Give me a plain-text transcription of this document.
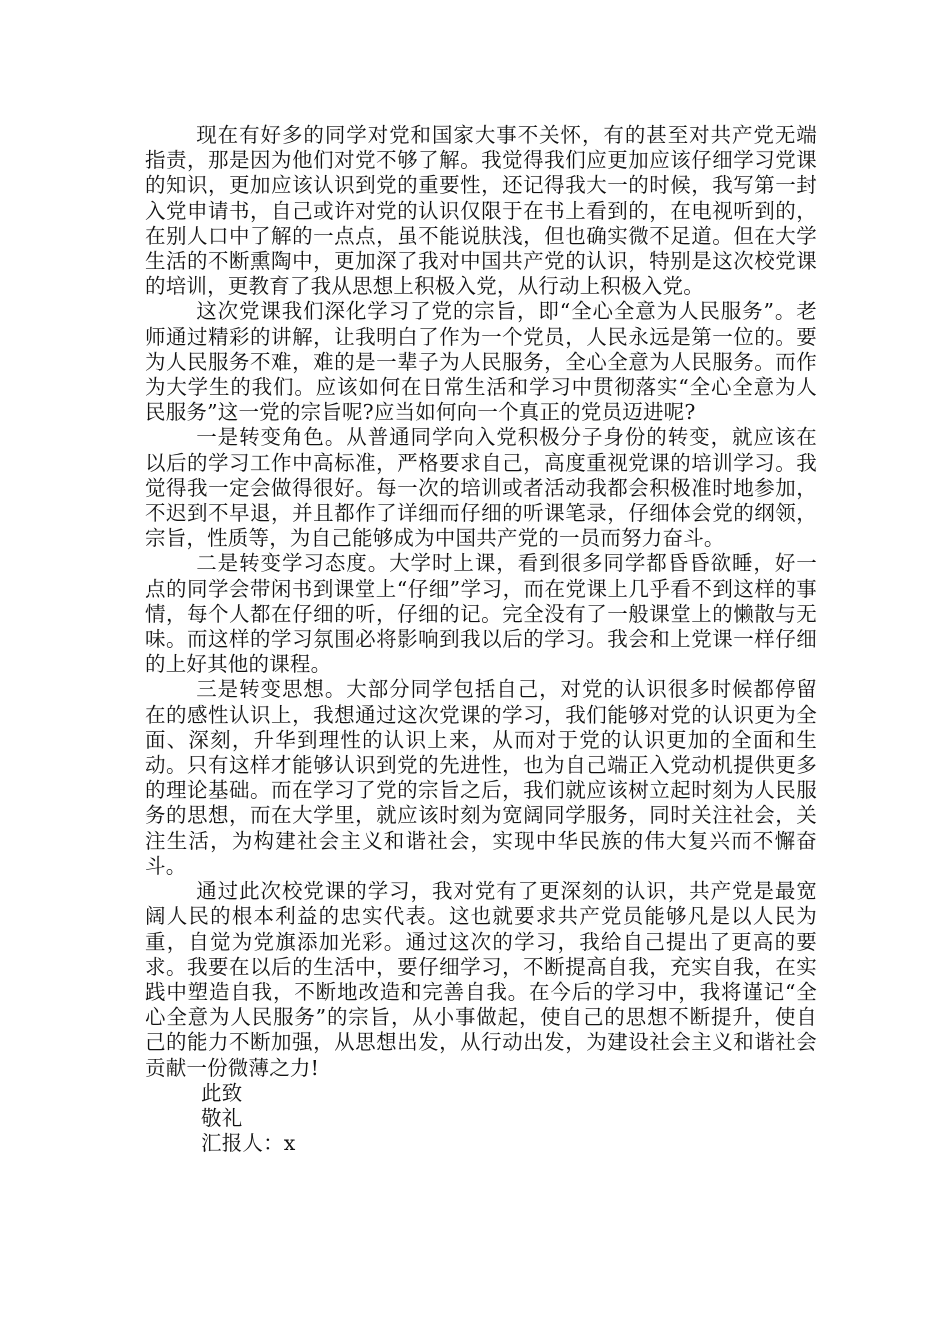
现在有好多的同学对党和国家大事不关怀，有的甚至对共产党无端指责，那是因为他们对党不够了解。我觉得我们应更加应该仔细学习党课的知识，更加应该认识到党的重要性，还记得我大一的时候，我写第一封入党申请书，自己或许对党的认识仅限于在书上看到的，在电视听到的，在别人口中了解的一点点，虽不能说肤浅，但也确实微不足道。但在大学生活的不断熏陶中，更加深了我对中国共产党的认识，特别是这次校党课的培训，更教育了我从思想上积极入党，从行动上积极入党。

这次党课我们深化学习了党的宗旨，即“全心全意为人民服务”。老师通过精彩的讲解，让我明白了作为一个党员，人民永远是第一位的。要为人民服务不难，难的是一辈子为人民服务，全心全意为人民服务。而作为大学生的我们。应该如何在日常生活和学习中贯彻落实“全心全意为人民服务”这一党的宗旨呢?应当如何向一个真正的党员迈进呢?

一是转变角色。从普通同学向入党积极分子身份的转变，就应该在以后的学习工作中高标准，严格要求自己，高度重视党课的培训学习。我觉得我一定会做得很好。每一次的培训或者活动我都会积极准时地参加，不迟到不早退，并且都作了详细而仔细的听课笔录，仔细体会党的纲领，宗旨，性质等，为自己能够成为中国共产党的一员而努力奋斗。

二是转变学习态度。大学时上课，看到很多同学都昏昏欲睡，好一点的同学会带闲书到课堂上“仔细”学习，而在党课上几乎看不到这样的事情，每个人都在仔细的听，仔细的记。完全没有了一般课堂上的懒散与无味。而这样的学习氛围必将影响到我以后的学习。我会和上党课一样仔细的上好其他的课程。

三是转变思想。大部分同学包括自己，对党的认识很多时候都停留在的感性认识上，我想通过这次党课的学习，我们能够对党的认识更为全面、深刻，升华到理性的认识上来，从而对于党的认识更加的全面和生动。只有这样才能够认识到党的先进性，也为自己端正入党动机提供更多的理论基础。而在学习了党的宗旨之后，我们就应该树立起时刻为人民服务的思想，而在大学里，就应该时刻为宽阔同学服务，同时关注社会，关注生活，为构建社会主义和谐社会，实现中华民族的伟大复兴而不懈奋斗。

通过此次校党课的学习，我对党有了更深刻的认识，共产党是最宽阔人民的根本利益的忠实代表。这也就要求共产党员能够凡是以人民为重，自觉为党旗添加光彩。通过这次的学习，我给自己提出了更高的要求。我要在以后的生活中，要仔细学习，不断提高自我，充实自我，在实践中塑造自我，不断地改造和完善自我。在今后的学习中，我将谨记“全心全意为人民服务”的宗旨，从小事做起，使自己的思想不断提升，使自己的能力不断加强，从思想出发，从行动出发，为建设社会主义和谐社会贡献一份微薄之力!

此致

敬礼

汇报人：x
